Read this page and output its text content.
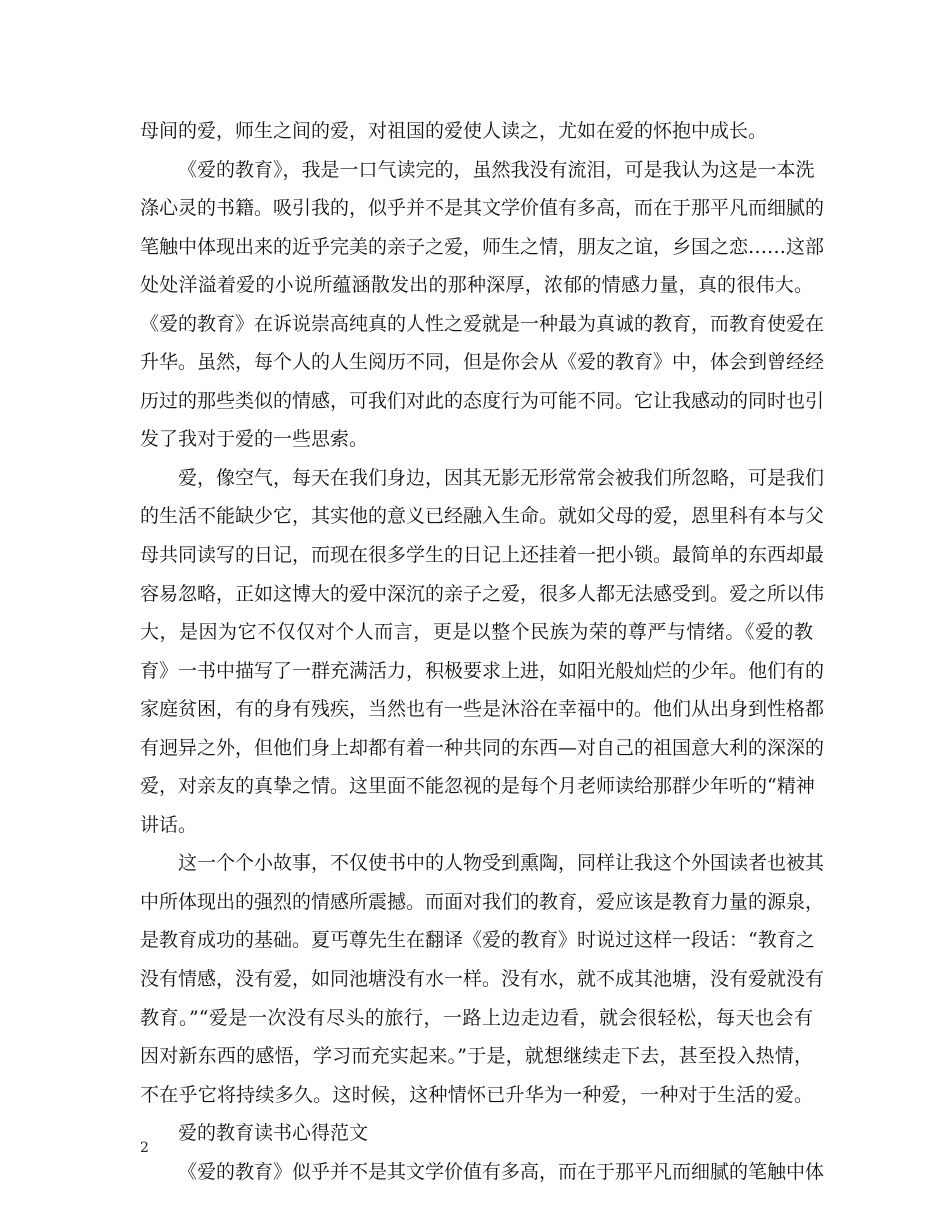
母间的爱，师生之间的爱，对祖国的爱使人读之，尤如在爱的怀抱中成长。
《爱的教育》，我是一口气读完的，虽然我没有流泪，可是我认为这是一本洗
涤心灵的书籍。吸引我的，似乎并不是其文学价值有多高，而在于那平凡而细腻的
笔触中体现出来的近乎完美的亲子之爱，师生之情，朋友之谊，乡国之恋……这部
处处洋溢着爱的小说所蕴涵散发出的那种深厚，浓郁的情感力量，真的很伟大。
《爱的教育》在诉说崇高纯真的人性之爱就是一种最为真诚的教育，而教育使爱在
升华。虽然，每个人的人生阅历不同，但是你会从《爱的教育》中，体会到曾经经
历过的那些类似的情感，可我们对此的态度行为可能不同。它让我感动的同时也引
发了我对于爱的一些思索。
爱，像空气，每天在我们身边，因其无影无形常常会被我们所忽略，可是我们
的生活不能缺少它，其实他的意义已经融入生命。就如父母的爱，恩里科有本与父
母共同读写的日记，而现在很多学生的日记上还挂着一把小锁。最简单的东西却最
容易忽略，正如这博大的爱中深沉的亲子之爱，很多人都无法感受到。爱之所以伟
大，是因为它不仅仅对个人而言，更是以整个民族为荣的尊严与情绪。《爱的教
育》一书中描写了一群充满活力，积极要求上进，如阳光般灿烂的少年。他们有的
家庭贫困，有的身有残疾，当然也有一些是沐浴在幸福中的。他们从出身到性格都
有迥异之外，但他们身上却都有着一种共同的东西—对自己的祖国意大利的深深的
爱，对亲友的真挚之情。这里面不能忽视的是每个月老师读给那群少年听的“精神
讲话。
这一个个小故事，不仅使书中的人物受到熏陶，同样让我这个外国读者也被其
中所体现出的强烈的情感所震撼。而面对我们的教育，爱应该是教育力量的源泉，
是教育成功的基础。夏丐尊先生在翻译《爱的教育》时说过这样一段话：“教育之
没有情感，没有爱，如同池塘没有水一样。没有水，就不成其池塘，没有爱就没有
教育。”“爱是一次没有尽头的旅行，一路上边走边看，就会很轻松，每天也会有
因对新东西的感悟，学习而充实起来。”于是，就想继续走下去，甚至投入热情，
不在乎它将持续多久。这时候，这种情怀已升华为一种爱，一种对于生活的爱。
爱的教育读书心得范文
《爱的教育》似乎并不是其文学价值有多高，而在于那平凡而细腻的笔触中体
2
